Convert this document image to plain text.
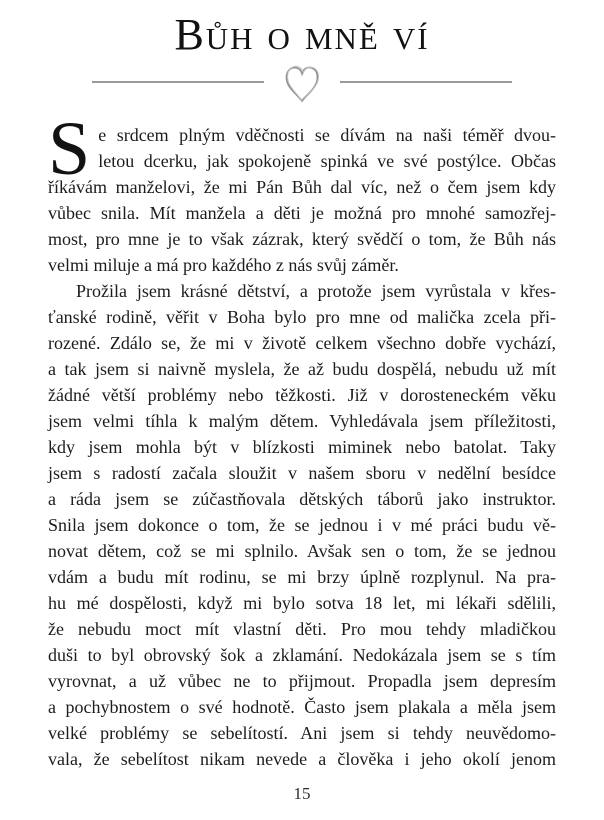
Bůh o mně ví
S e srdcem plným vděčnosti se dívám na naši téměř dvou-
letou dcerku, jak spokojeně spinká ve své postýlce. Občas
říkávám manželovi, že mi Pán Bůh dal víc, než o čem jsem kdy
vůbec snila. Mít manžela a děti je možná pro mnohé samozřej-
most, pro mne je to však zázrak, který svědčí o tom, že Bůh nás
velmi miluje a má pro každého z nás svůj záměr.
Prožila jsem krásné dětství, a protože jsem vyrůstala v křes-
ťanské rodině, věřit v Boha bylo pro mne od malička zcela při-
rozené. Zdálo se, že mi v životě celkem všechno dobře vychází,
a tak jsem si naivně myslela, že až budu dospělá, nebudu už mít
žádné větší problémy nebo těžkosti. Již v dorosteneckém věku
jsem velmi tíhla k malým dětem. Vyhledávala jsem příležitosti,
kdy jsem mohla být v blízkosti miminek nebo batolat. Taky
jsem s radostí začala sloužit v našem sboru v nedělní besídce
a ráda jsem se zúčastňovala dětských táborů jako instruktor.
Snila jsem dokonce o tom, že se jednou i v mé práci budu vě-
novat dětem, což se mi splnilo. Avšak sen o tom, že se jednou
vdám a budu mít rodinu, se mi brzy úplně rozplynul. Na pra-
hu mé dospělosti, když mi bylo sotva 18 let, mi lékaři sdělili,
že nebudu moct mít vlastní děti. Pro mou tehdy mladičkou
duši to byl obrovský šok a zklamání. Nedokázala jsem se s tím
vyrovnat, a už vůbec ne to přijmout. Propadla jsem depresím
a pochybnostem o své hodnotě. Často jsem plakala a měla jsem
velké problémy se sebelítostí. Ani jsem si tehdy neuvědomo-
vala, že sebelítost nikam nevede a člověka i jeho okolí jenom
15
